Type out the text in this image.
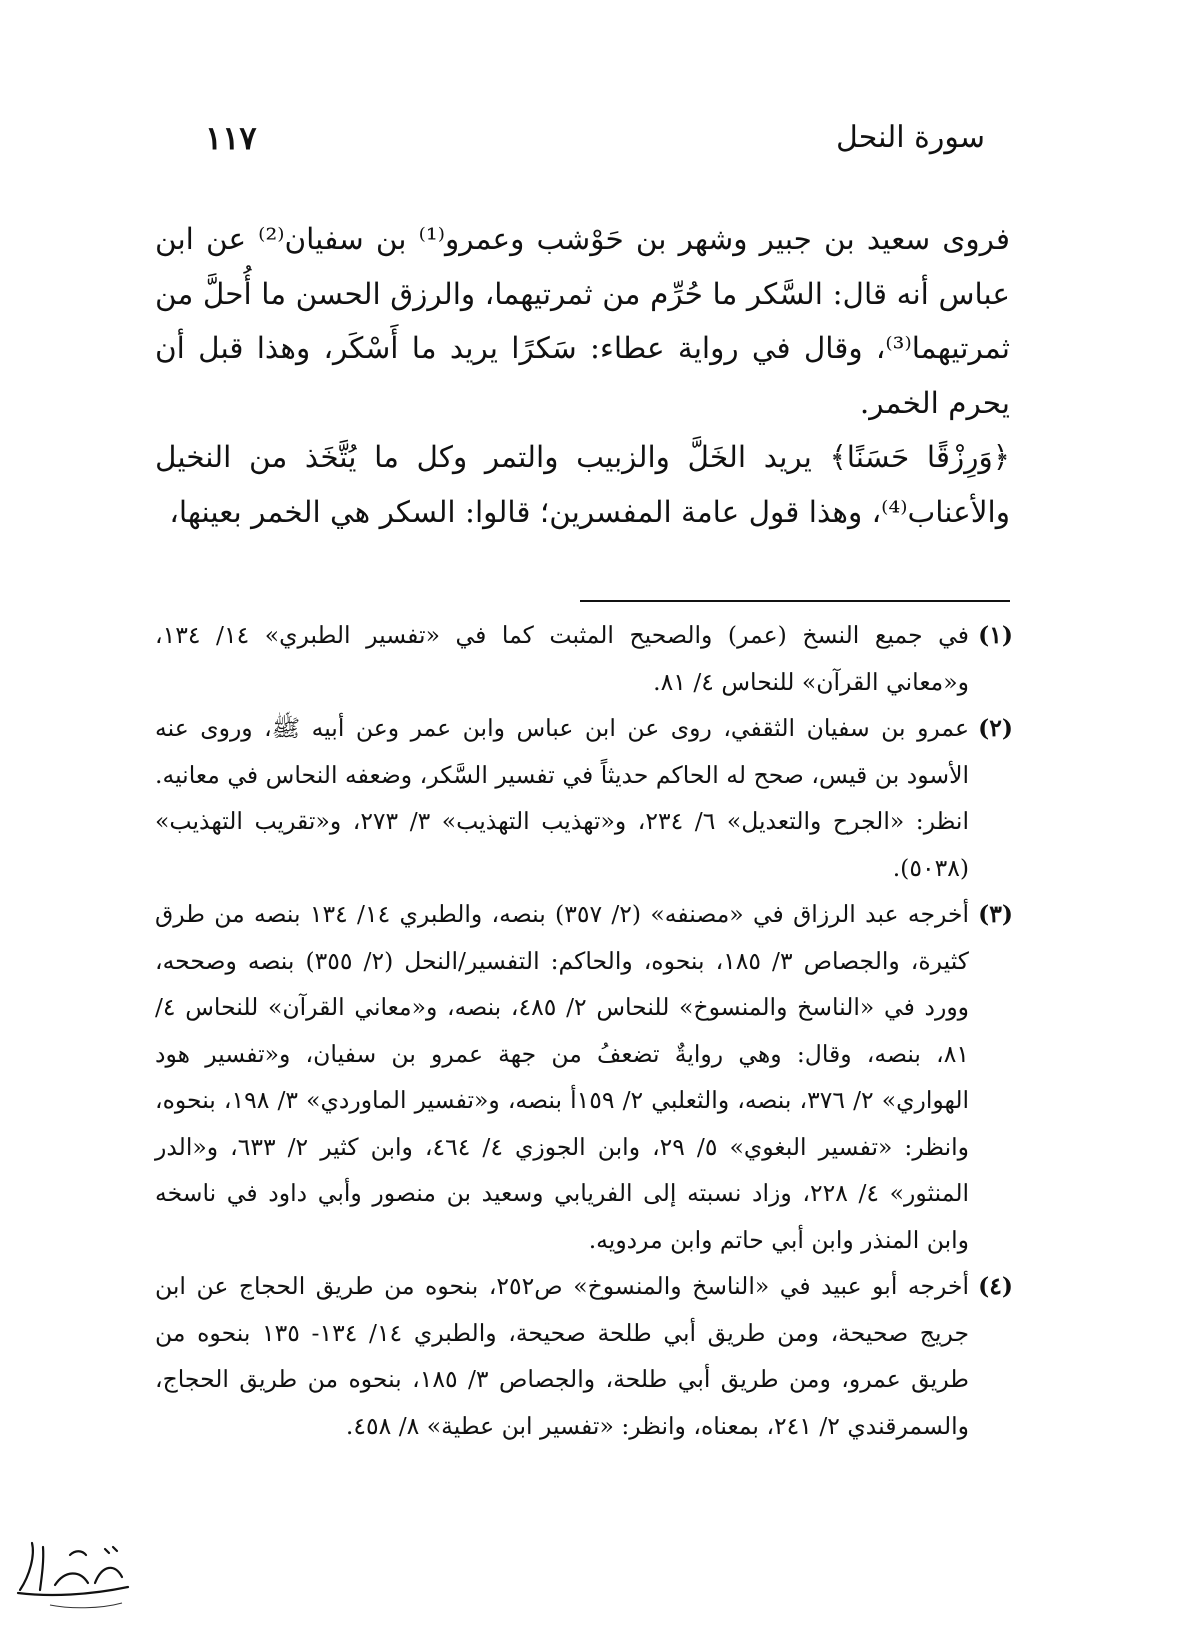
سورة النحل
١١٧

فروى سعيد بن جبير وشهر بن حَوْشب وعمرو⁽¹⁾ بن سفيان⁽²⁾ عن ابن عباس أنه قال: السَّكر ما حُرِّم من ثمرتيهما، والرزق الحسن ما أُحلَّ من ثمرتيهما⁽³⁾، وقال في رواية عطاء: سَكرًا يريد ما أَسْكَر، وهذا قبل أن يحرم الخمر.

﴿وَرِزْقًا حَسَنًا﴾ يريد الخَلَّ والزبيب والتمر وكل ما يُتَّخَذ من النخيل والأعناب⁽⁴⁾، وهذا قول عامة المفسرين؛ قالوا: السكر هي الخمر بعينها،

(١)
في جميع النسخ (عمر) والصحيح المثبت كما في «تفسير الطبري» ١٤/ ١٣٤، و«معاني القرآن» للنحاس ٤/ ٨١.
(٢)
عمرو بن سفيان الثقفي، روى عن ابن عباس وابن عمر وعن أبيه ﷺ، وروى عنه الأسود بن قيس، صحح له الحاكم حديثاً في تفسير السَّكر، وضعفه النحاس في معانيه. انظر: «الجرح والتعديل» ٦/ ٢٣٤، و«تهذيب التهذيب» ٣/ ٢٧٣، و«تقريب التهذيب» (٥٠٣٨).
(٣)
أخرجه عبد الرزاق في «مصنفه» (٢/ ٣٥٧) بنصه، والطبري ١٤/ ١٣٤ بنصه من طرق كثيرة، والجصاص ٣/ ١٨٥، بنحوه، والحاكم: التفسير/النحل (٢/ ٣٥٥) بنصه وصححه، وورد في «الناسخ والمنسوخ» للنحاس ٢/ ٤٨٥، بنصه، و«معاني القرآن» للنحاس ٤/ ٨١، بنصه، وقال: وهي روايةٌ تضعفُ من جهة عمرو بن سفيان، و«تفسير هود الهواري» ٢/ ٣٧٦، بنصه، والثعلبي ٢/ ١٥٩أ بنصه، و«تفسير الماوردي» ٣/ ١٩٨، بنحوه، وانظر: «تفسير البغوي» ٥/ ٢٩، وابن الجوزي ٤/ ٤٦٤، وابن كثير ٢/ ٦٣٣، و«الدر المنثور» ٤/ ٢٢٨، وزاد نسبته إلى الفريابي وسعيد بن منصور وأبي داود في ناسخه وابن المنذر وابن أبي حاتم وابن مردويه.
(٤)
أخرجه أبو عبيد في «الناسخ والمنسوخ» ص٢٥٢، بنحوه من طريق الحجاج عن ابن جريج صحيحة، ومن طريق أبي طلحة صحيحة، والطبري ١٤/ ١٣٤- ١٣٥ بنحوه من طريق عمرو، ومن طريق أبي طلحة، والجصاص ٣/ ١٨٥، بنحوه من طريق الحجاج، والسمرقندي ٢/ ٢٤١، بمعناه، وانظر: «تفسير ابن عطية» ٨/ ٤٥٨.
